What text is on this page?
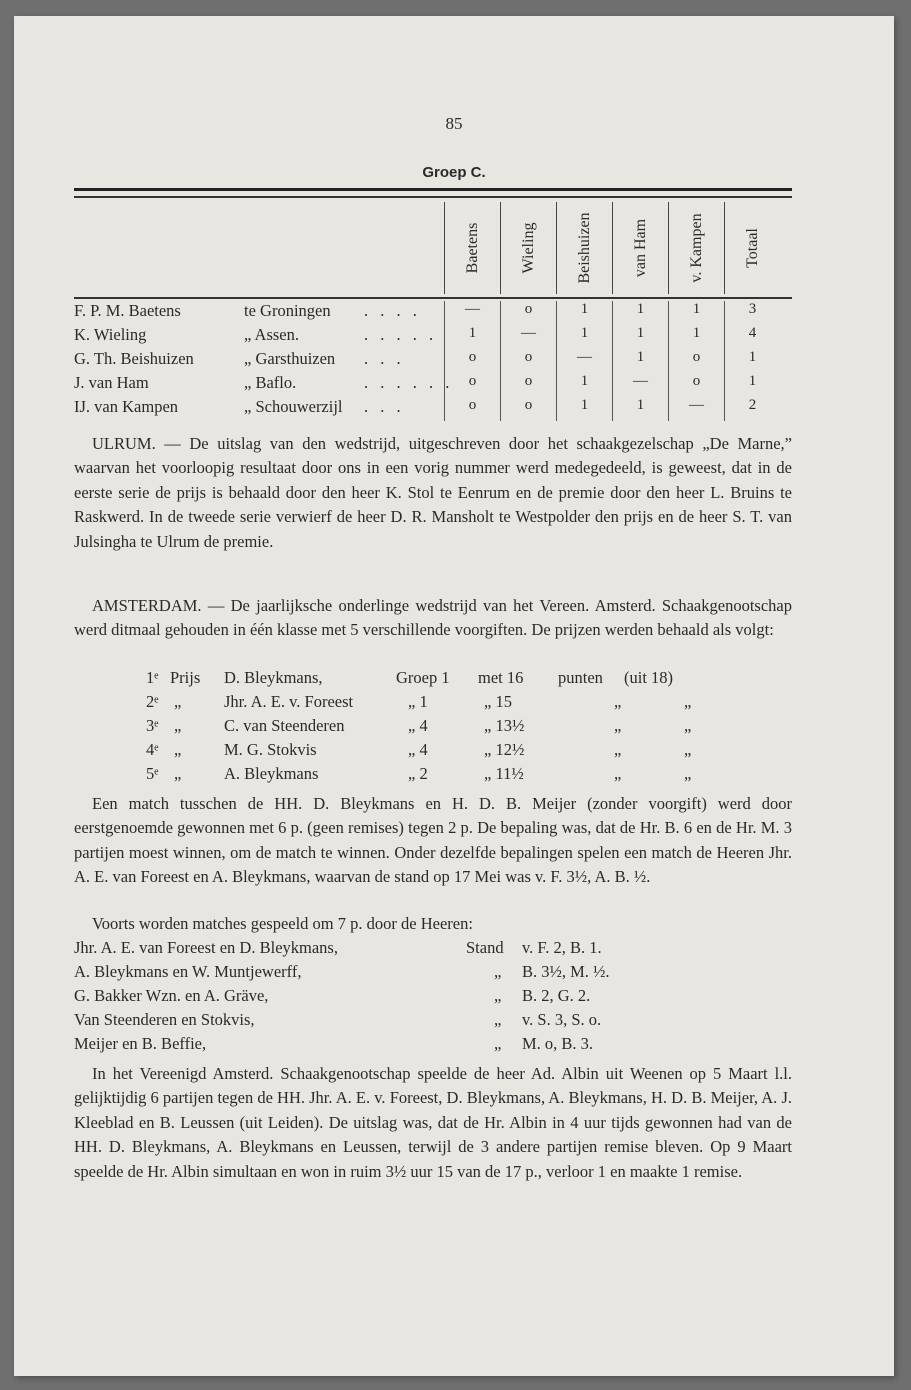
85
Groep C.
Baetens Wieling Beishuizen van Ham v. Kampen Totaal
F. P. M. Baetens	te Groningen . . . .	—	o	1	1	1	3
K. Wieling	„ Assen.	. . . . .	1	—	1	1	1	4
G. Th. Beishuizen	„ Garsthuizen . . .	o	o	—	1	o	1
J. van Ham	„ Baflo.	. . . . . .	o	o	1	—	o	1
IJ. van Kampen	„ Schouwerzijl . . .	o	o	1	1	—	2

ULRUM. — De uitslag van den wedstrijd, uitgeschreven door het schaakgezelschap „De Marne,” waarvan het voorloopig resultaat door ons in een vorig nummer werd medegedeeld, is geweest, dat in de eerste serie de prijs is behaald door den heer K. Stol te Eenrum en de premie door den heer L. Bruins te Raskwerd. In de tweede serie verwierf de heer D. R. Mansholt te Westpolder den prijs en de heer S. T. van Julsingha te Ulrum de premie.

AMSTERDAM. — De jaarlijksche onderlinge wedstrijd van het Vereen. Amsterd. Schaakgenootschap werd ditmaal gehouden in één klasse met 5 verschillende voorgiften. De prijzen werden behaald als volgt:

1ᵉ Prijs D. Bleykmans,	Groep 1 met 16 punten (uit 18)
2ᵉ „	Jhr. A. E. v. Foreest	„ 1	„ 15	„	„
3ᵉ „	C. van Steenderen	„ 4	„ 13½	„	„
4ᵉ „	M. G. Stokvis	„ 4	„ 12½	„	„
5ᵉ „	A. Bleykmans	„ 2	„ 11½	„	„

Een match tusschen de HH. D. Bleykmans en H. D. B. Meijer (zonder voorgift) werd door eerstgenoemde gewonnen met 6 p. (geen remises) tegen 2 p. De bepaling was, dat de Hr. B. 6 en de Hr. M. 3 partijen moest winnen, om de match te winnen. Onder dezelfde bepalingen spelen een match de Heeren Jhr. A. E. van Foreest en A. Bleykmans, waarvan de stand op 17 Mei was v. F. 3½, A. B. ½.

Voorts worden matches gespeeld om 7 p. door de Heeren:
Jhr. A. E. van Foreest en D. Bleykmans,	Stand v. F. 2, B. 1.
A. Bleykmans en W. Muntjewerff,	„ B. 3½, M. ½.
G. Bakker Wzn. en A. Gräve,	„ B. 2, G. 2.
Van Steenderen en Stokvis,	„ v. S. 3, S. o.
Meijer en B. Beffie,	„ M. o, B. 3.

In het Vereenigd Amsterd. Schaakgenootschap speelde de heer Ad. Albin uit Weenen op 5 Maart l.l. gelijktijdig 6 partijen tegen de HH. Jhr. A. E. v. Foreest, D. Bleykmans, A. Bleykmans, H. D. B. Meijer, A. J. Kleeblad en B. Leussen (uit Leiden). De uitslag was, dat de Hr. Albin in 4 uur tijds gewonnen had van de HH. D. Bleykmans, A. Bleykmans en Leussen, terwijl de 3 andere partijen remise bleven. Op 9 Maart speelde de Hr. Albin simultaan en won in ruim 3½ uur 15 van de 17 p., verloor 1 en maakte 1 remise.
